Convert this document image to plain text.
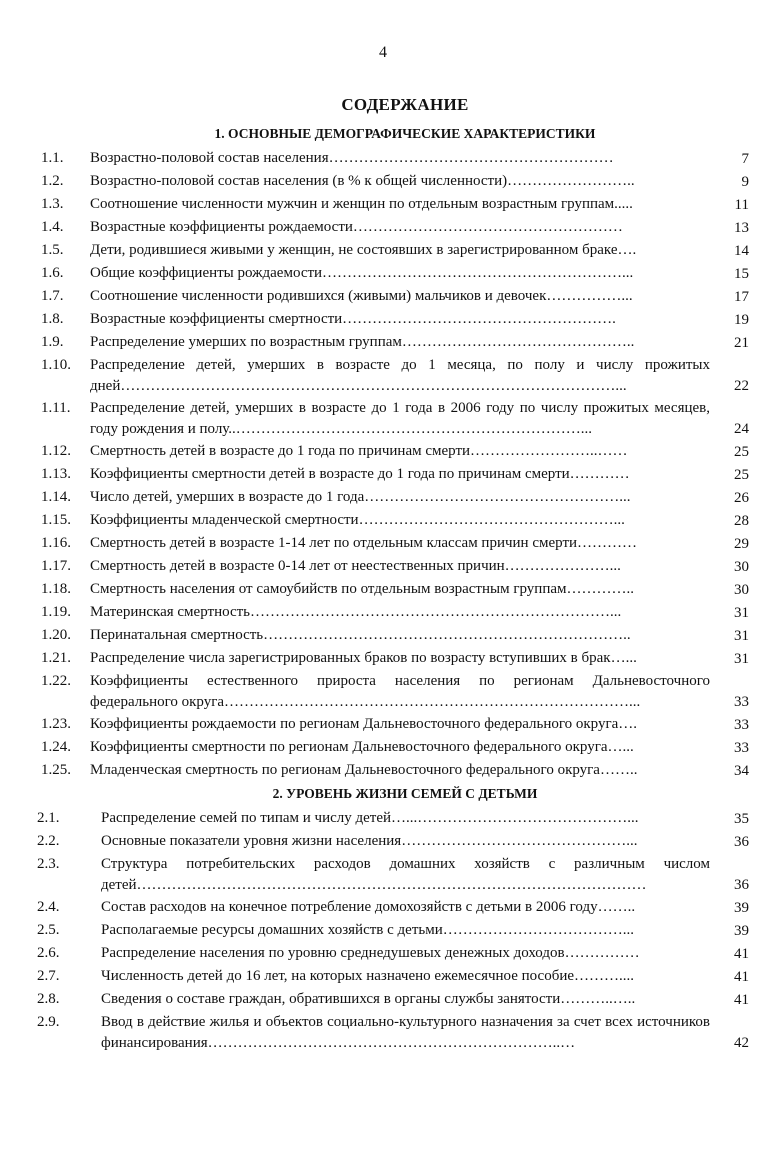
4
СОДЕРЖАНИЕ
1. ОСНОВНЫЕ ДЕМОГРАФИЧЕСКИЕ ХАРАКТЕРИСТИКИ
1.1. Возрастно-половой состав населения…………………………………………………	7
1.2. Возрастно-половой состав населения (в % к общей численности)……………………..	9
1.3. Соотношение численности мужчин и женщин по отдельным возрастным группам.....	11
1.4. Возрастные коэффициенты рождаемости………………………………………………	13
1.5. Дети, родившиеся живыми у женщин, не состоявших в зарегистрированном браке….	14
1.6. Общие коэффициенты рождаемости……………………………………………………...	15
1.7. Соотношение численности родившихся (живыми) мальчиков и девочек……………...	17
1.8. Возрастные коэффициенты смертности……………………………………………….	19
1.9. Распределение умерших по возрастным группам………………………………………..	21
1.10. Распределение детей, умерших в возрасте до 1 месяца, по полу и числу прожитых дней………………………………………………………………………………………...	22
1.11. Распределение детей, умерших в возрасте до 1 года в 2006 году по числу прожитых месяцев, году рождения и полу..……………………………………………………………...	24
1.12. Смертность детей в возрасте до 1 года по причинам смерти……………………..……	25
1.13. Коэффициенты смертности детей в возрасте до 1 года по причинам смерти…………	25
1.14. Число детей, умерших в возрасте до 1 года……………………………………………...	26
1.15. Коэффициенты младенческой смертности……………………………………………...	28
1.16. Смертность детей в возрасте 1-14 лет по отдельным классам причин смерти…………	29
1.17. Смертность детей в возрасте 0-14 лет от неестественных причин…………………...	30
1.18. Смертность населения от самоубийств по отдельным возрастным группам…………..	30
1.19. Материнская смертность………………………………………………………………...	31
1.20. Перинатальная смертность………………………………………………………………..	31
1.21. Распределение числа зарегистрированных браков по возрасту вступивших в брак…...	31
1.22. Коэффициенты естественного прироста населения по регионам Дальневосточного федерального округа………………………………………………………………………...	33
1.23. Коэффициенты рождаемости по регионам Дальневосточного федерального округа….	33
1.24. Коэффициенты смертности по регионам Дальневосточного федерального округа…...	33
1.25. Младенческая смертность по регионам Дальневосточного федерального округа……..	34
2. УРОВЕНЬ ЖИЗНИ СЕМЕЙ С ДЕТЬМИ
2.1.	Распределение семей по типам и числу детей…...……………………………………...	35
2.2.	Основные показатели уровня жизни населения………………………………………...	36
2.3.	Структура потребительских расходов домашних хозяйств с различным числом детей…………………………………………………………………………………………	36
2.4.	Состав расходов на конечное потребление домохозяйств с детьми в 2006 году……..	39
2.5.	Располагаемые ресурсы домашних хозяйств с детьми………………………………...	39
2.6.	Распределение населения по уровню среднедушевых денежных доходов……………	41
2.7.	Численность детей до 16 лет, на которых назначено ежемесячное пособие………....	41
2.8.	Сведения о составе граждан, обратившихся в органы службы занятости………..…..	41
2.9.	Ввод в действие жилья и объектов социально-культурного назначения за счет всех источников финансирования……………………………………………………………..…	42
